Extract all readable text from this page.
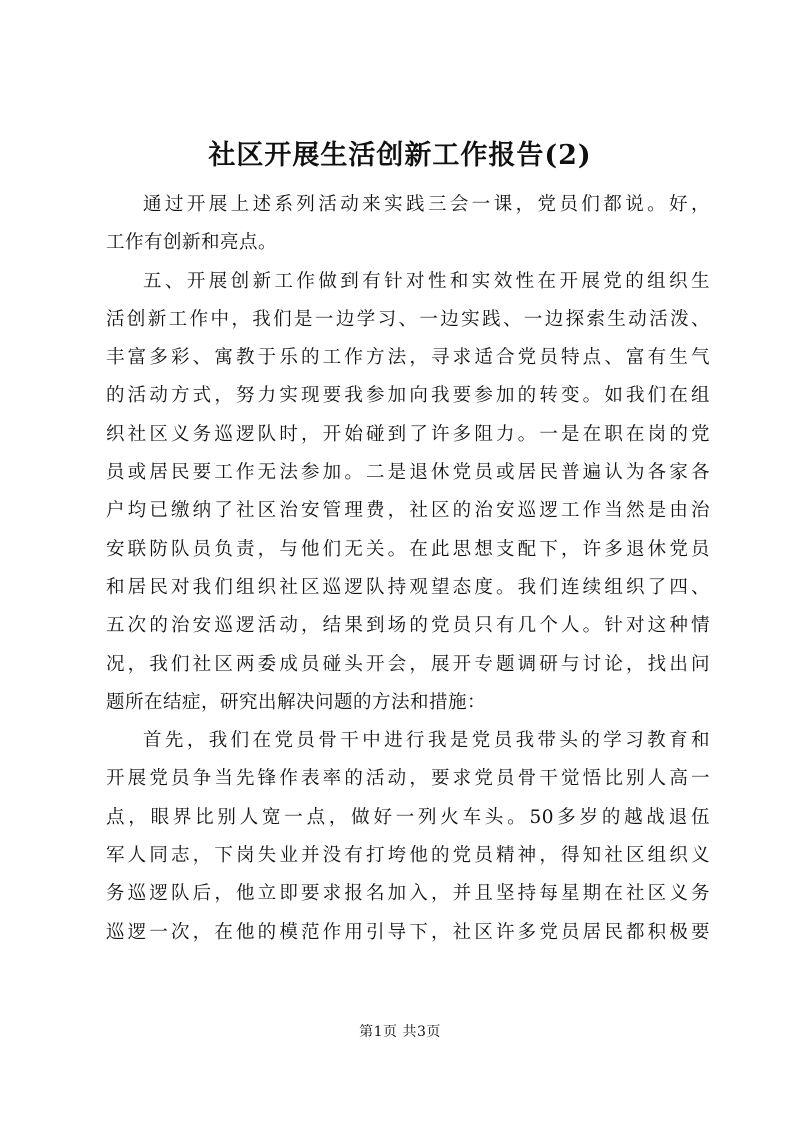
社区开展生活创新工作报告(2)
通过开展上述系列活动来实践三会一课，党员们都说。好，
工作有创新和亮点。
五、开展创新工作做到有针对性和实效性在开展党的组织生
活创新工作中，我们是一边学习、一边实践、一边探索生动活泼、
丰富多彩、寓教于乐的工作方法，寻求适合党员特点、富有生气
的活动方式，努力实现要我参加向我要参加的转变。如我们在组
织社区义务巡逻队时，开始碰到了许多阻力。一是在职在岗的党
员或居民要工作无法参加。二是退休党员或居民普遍认为各家各
户均已缴纳了社区治安管理费，社区的治安巡逻工作当然是由治
安联防队员负责，与他们无关。在此思想支配下，许多退休党员
和居民对我们组织社区巡逻队持观望态度。我们连续组织了四、
五次的治安巡逻活动，结果到场的党员只有几个人。针对这种情
况，我们社区两委成员碰头开会，展开专题调研与讨论，找出问
题所在结症，研究出解决问题的方法和措施：
首先，我们在党员骨干中进行我是党员我带头的学习教育和
开展党员争当先锋作表率的活动，要求党员骨干觉悟比别人高一
点，眼界比别人宽一点，做好一列火车头。50多岁的越战退伍
军人同志，下岗失业并没有打垮他的党员精神，得知社区组织义
务巡逻队后，他立即要求报名加入，并且坚持每星期在社区义务
巡逻一次，在他的模范作用引导下，社区许多党员居民都积极要
第1页 共3页
